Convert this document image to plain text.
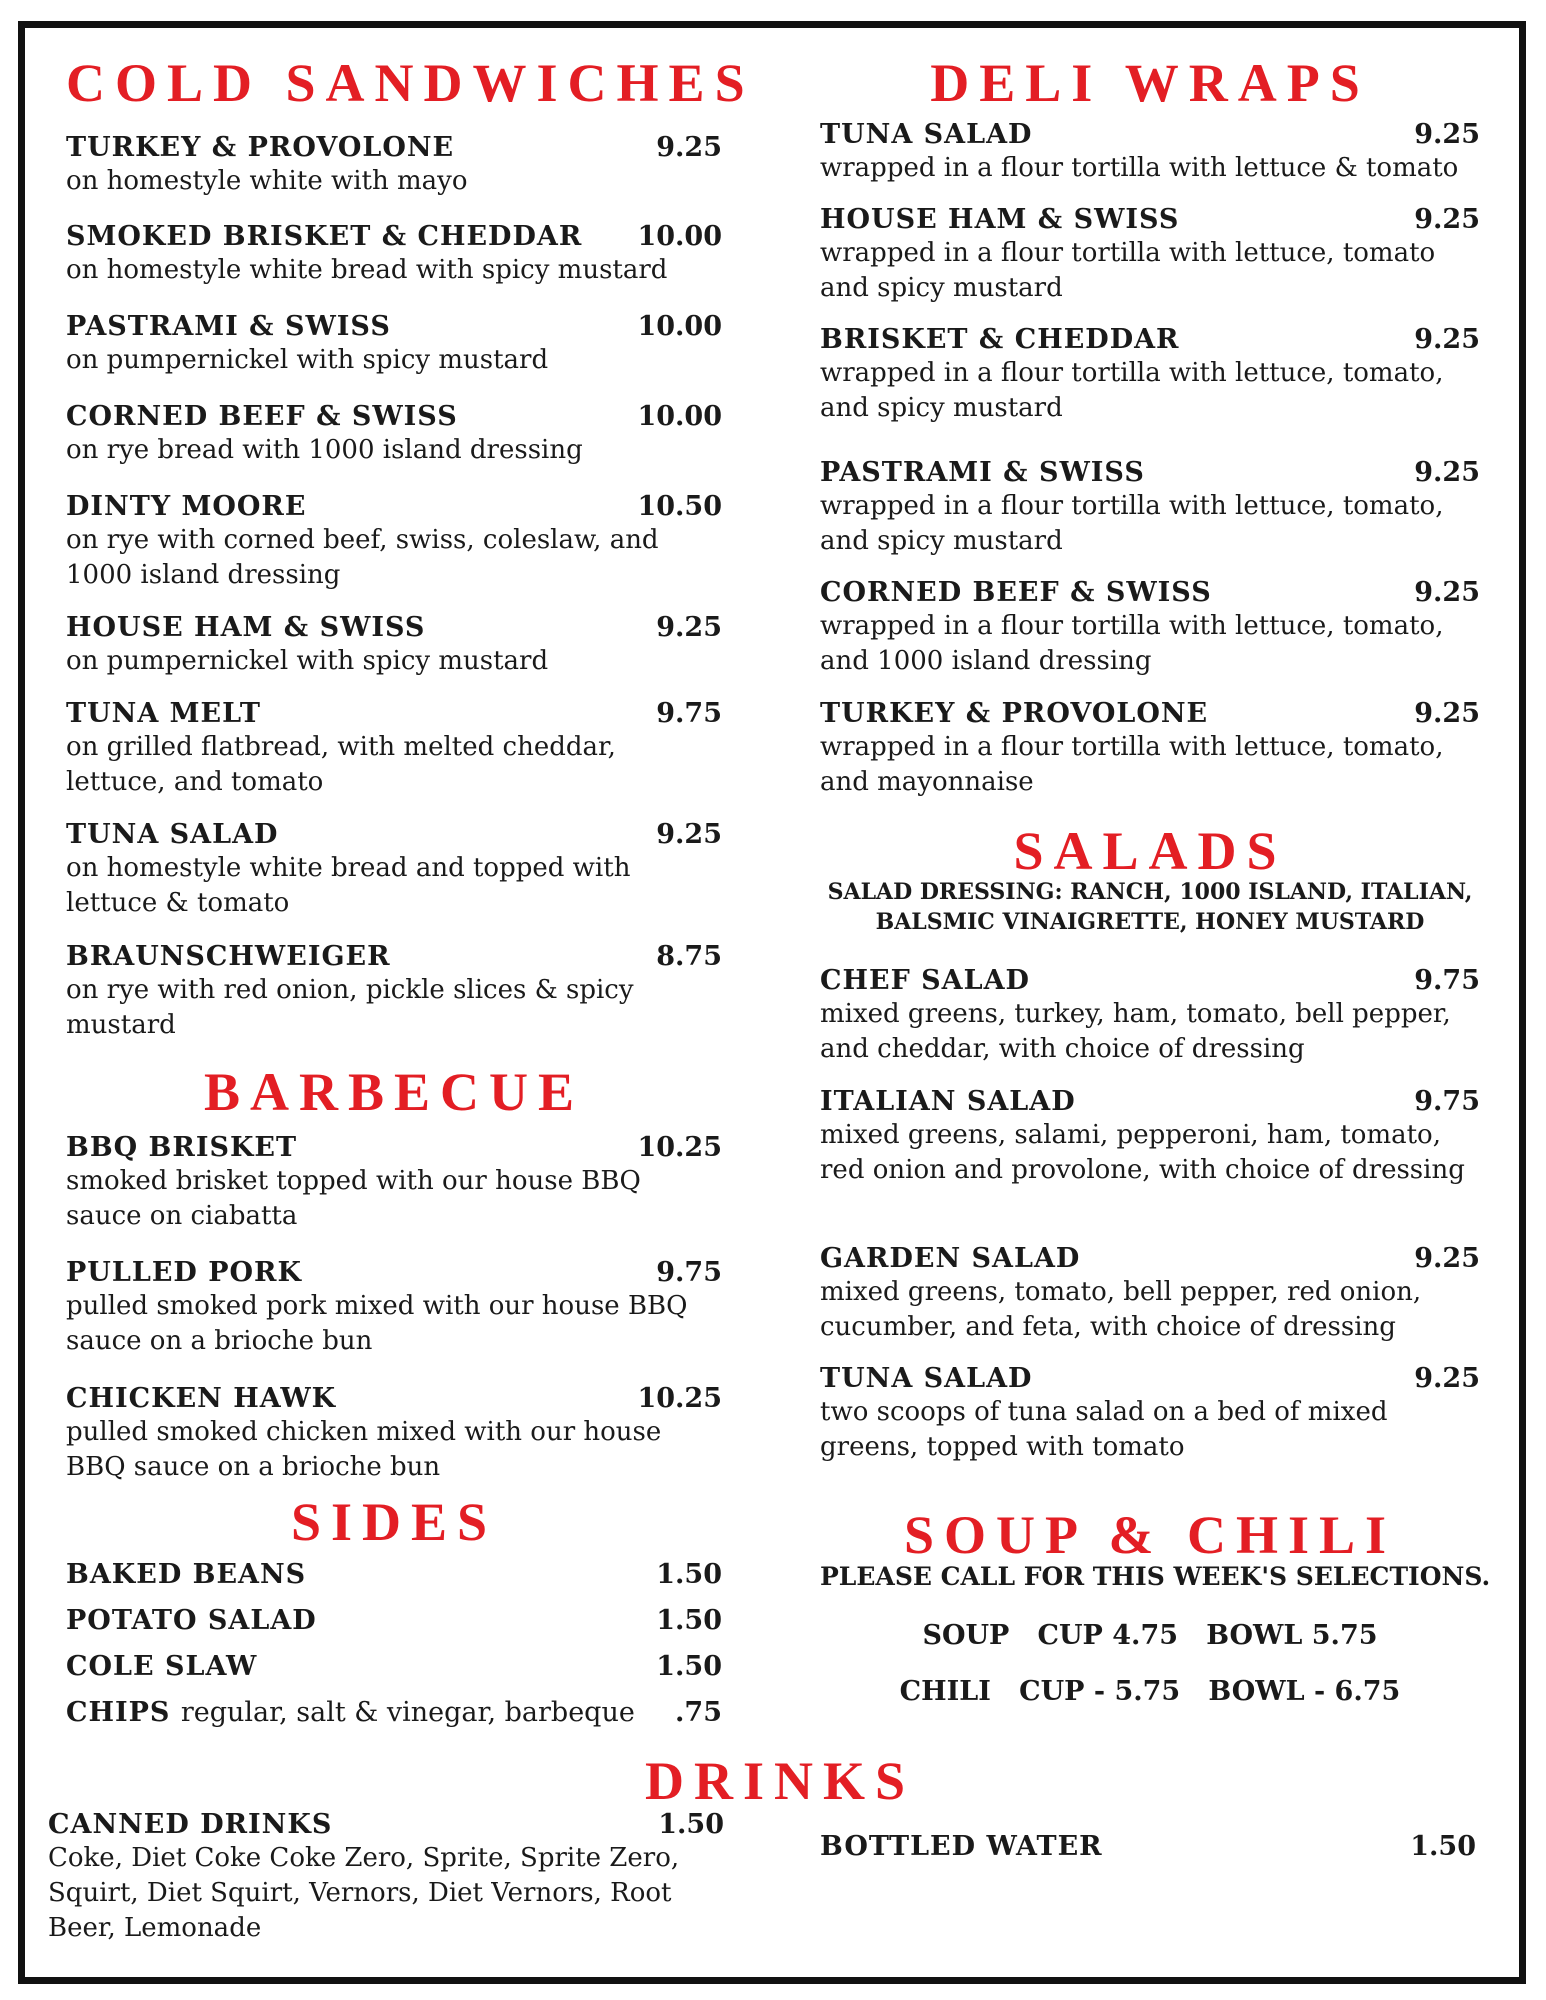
COLD SANDWICHES
TURKEY & PROVOLONE	9.25
on homestyle white with mayo
SMOKED BRISKET & CHEDDAR 10.00
on homestyle white bread with spicy mustard
PASTRAMI & SWISS	10.00
on pumpernickel with spicy mustard
CORNED BEEF & SWISS	10.00
on rye bread with 1000 island dressing
DINTY MOORE	10.50
on rye with corned beef, swiss, coleslaw, and 1000 island dressing
HOUSE HAM & SWISS	9.25
on pumpernickel with spicy mustard
TUNA MELT	9.75
on grilled flatbread, with melted cheddar, lettuce, and tomato
TUNA SALAD	9.25
on homestyle white bread and topped with lettuce & tomato
BRAUNSCHWEIGER	8.75
on rye with red onion, pickle slices & spicy mustard
BARBECUE
BBQ BRISKET	10.25
smoked brisket topped with our house BBQ sauce on ciabatta
PULLED PORK	9.75
pulled smoked pork mixed with our house BBQ sauce on a brioche bun
CHICKEN HAWK	10.25
pulled smoked chicken mixed with our house BBQ sauce on a brioche bun
SIDES
BAKED BEANS	1.50
POTATO SALAD	1.50
COLE SLAW	1.50
CHIPS regular, salt & vinegar, barbeque .75
DELI WRAPS
TUNA SALAD	9.25
wrapped in a flour tortilla with lettuce & tomato
HOUSE HAM & SWISS	9.25
wrapped in a flour tortilla with lettuce, tomato and spicy mustard
BRISKET & CHEDDAR	9.25
wrapped in a flour tortilla with lettuce, tomato, and spicy mustard
PASTRAMI & SWISS	9.25
wrapped in a flour tortilla with lettuce, tomato, and spicy mustard
CORNED BEEF & SWISS	9.25
wrapped in a flour tortilla with lettuce, tomato, and 1000 island dressing
TURKEY & PROVOLONE	9.25
wrapped in a flour tortilla with lettuce, tomato, and mayonnaise
SALADS
SALAD DRESSING: RANCH, 1000 ISLAND, ITALIAN,
BALSMIC VINAIGRETTE, HONEY MUSTARD
CHEF SALAD	9.75
mixed greens, turkey, ham, tomato, bell pepper, and cheddar, with choice of dressing
ITALIAN SALAD	9.75
mixed greens, salami, pepperoni, ham, tomato, red onion and provolone, with choice of dressing
GARDEN SALAD	9.25
mixed greens, tomato, bell pepper, red onion, cucumber, and feta, with choice of dressing
TUNA SALAD	9.25
two scoops of tuna salad on a bed of mixed greens, topped with tomato
SOUP & CHILI
PLEASE CALL FOR THIS WEEK'S SELECTIONS.
SOUP   CUP 4.75   BOWL 5.75
CHILI   CUP - 5.75   BOWL - 6.75
DRINKS
CANNED DRINKS	1.50
Coke, Diet Coke Coke Zero, Sprite, Sprite Zero, Squirt, Diet Squirt, Vernors, Diet Vernors, Root Beer, Lemonade
BOTTLED WATER	1.50
